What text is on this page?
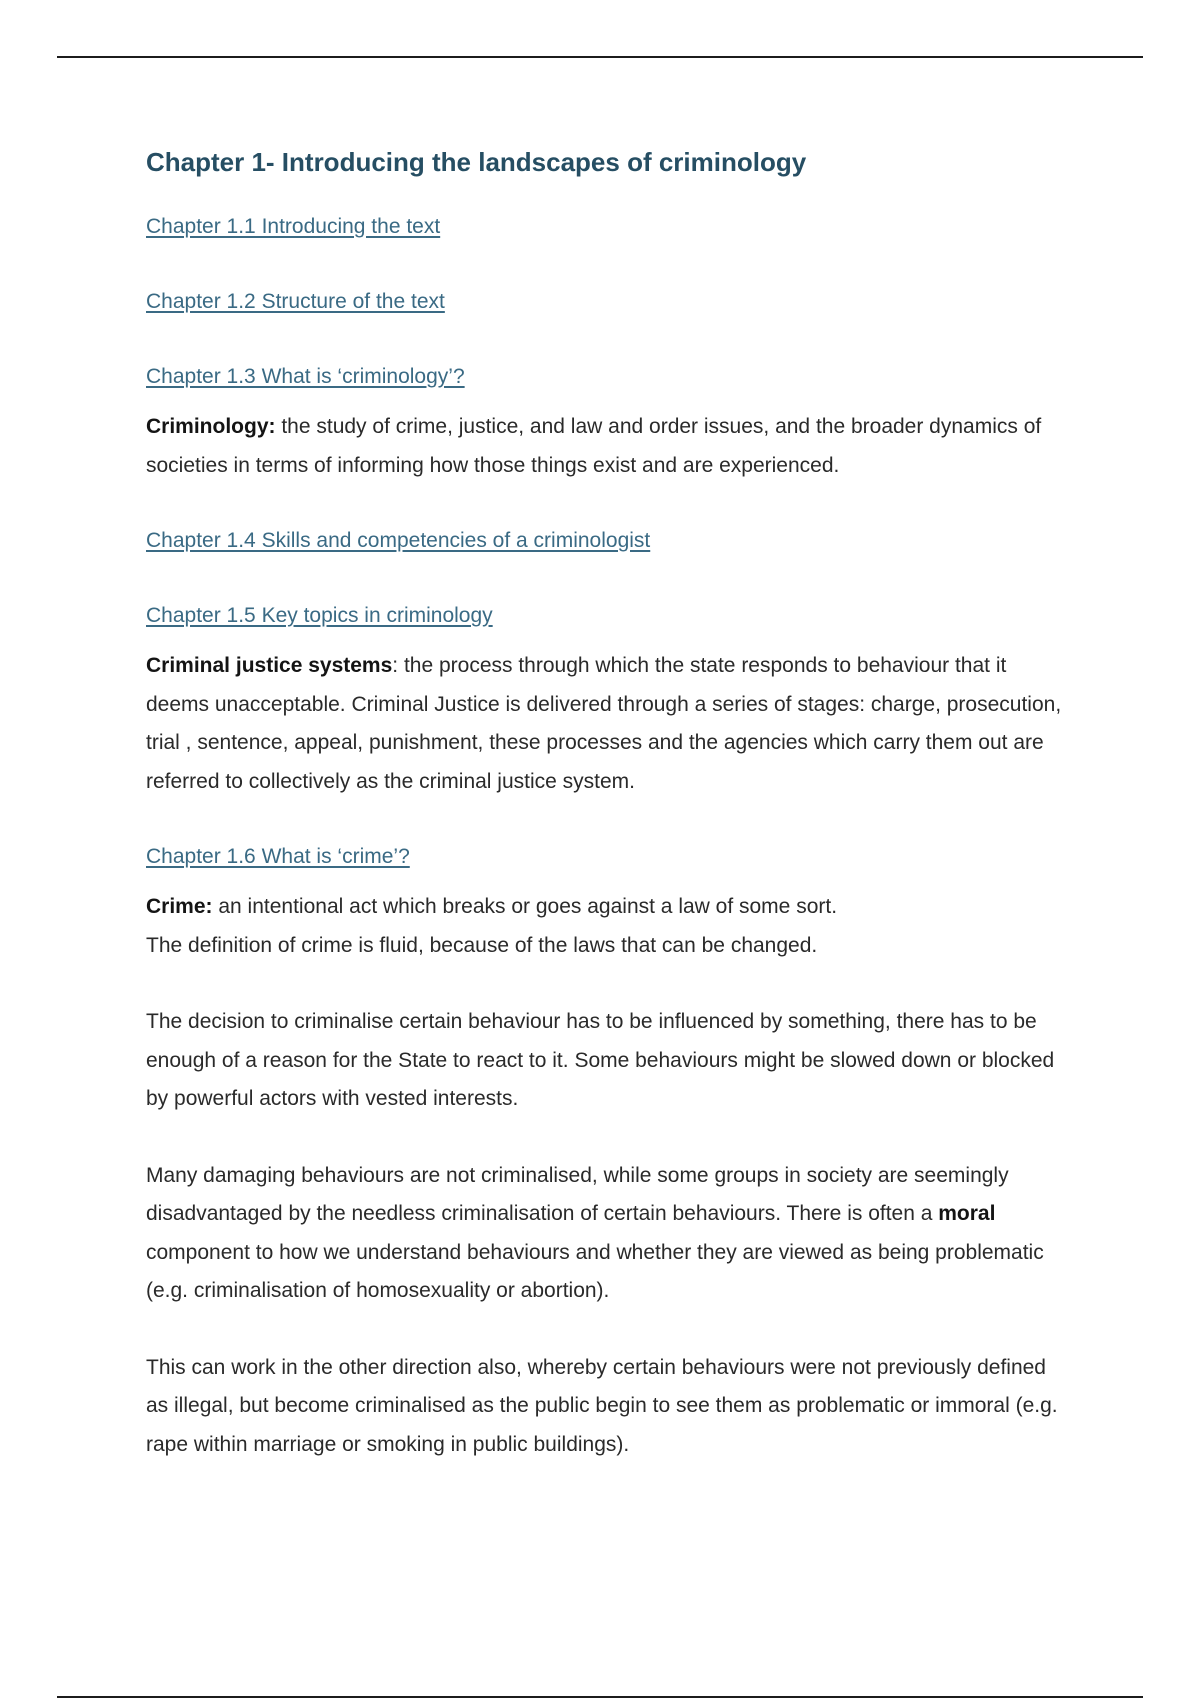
Chapter 1- Introducing the landscapes of criminology
Chapter 1.1 Introducing the text
Chapter 1.2 Structure of the text
Chapter 1.3 What is ‘criminology’?

Criminology: the study of crime, justice, and law and order issues, and the broader dynamics of societies in terms of informing how those things exist and are experienced.

Chapter 1.4 Skills and competencies of a criminologist
Chapter 1.5 Key topics in criminology

Criminal justice systems: the process through which the state responds to behaviour that it deems unacceptable. Criminal Justice is delivered through a series of stages: charge, prosecution, trial , sentence, appeal, punishment, these processes and the agencies which carry them out are referred to collectively as the criminal justice system.

Chapter 1.6 What is ‘crime’?

Crime: an intentional act which breaks or goes against a law of some sort.
The definition of crime is fluid, because of the laws that can be changed.

The decision to criminalise certain behaviour has to be influenced by something, there has to be enough of a reason for the State to react to it. Some behaviours might be slowed down or blocked by powerful actors with vested interests.

Many damaging behaviours are not criminalised, while some groups in society are seemingly disadvantaged by the needless criminalisation of certain behaviours. There is often a moral component to how we understand behaviours and whether they are viewed as being problematic (e.g. criminalisation of homosexuality or abortion).

This can work in the other direction also, whereby certain behaviours were not previously defined as illegal, but become criminalised as the public begin to see them as problematic or immoral (e.g. rape within marriage or smoking in public buildings).
